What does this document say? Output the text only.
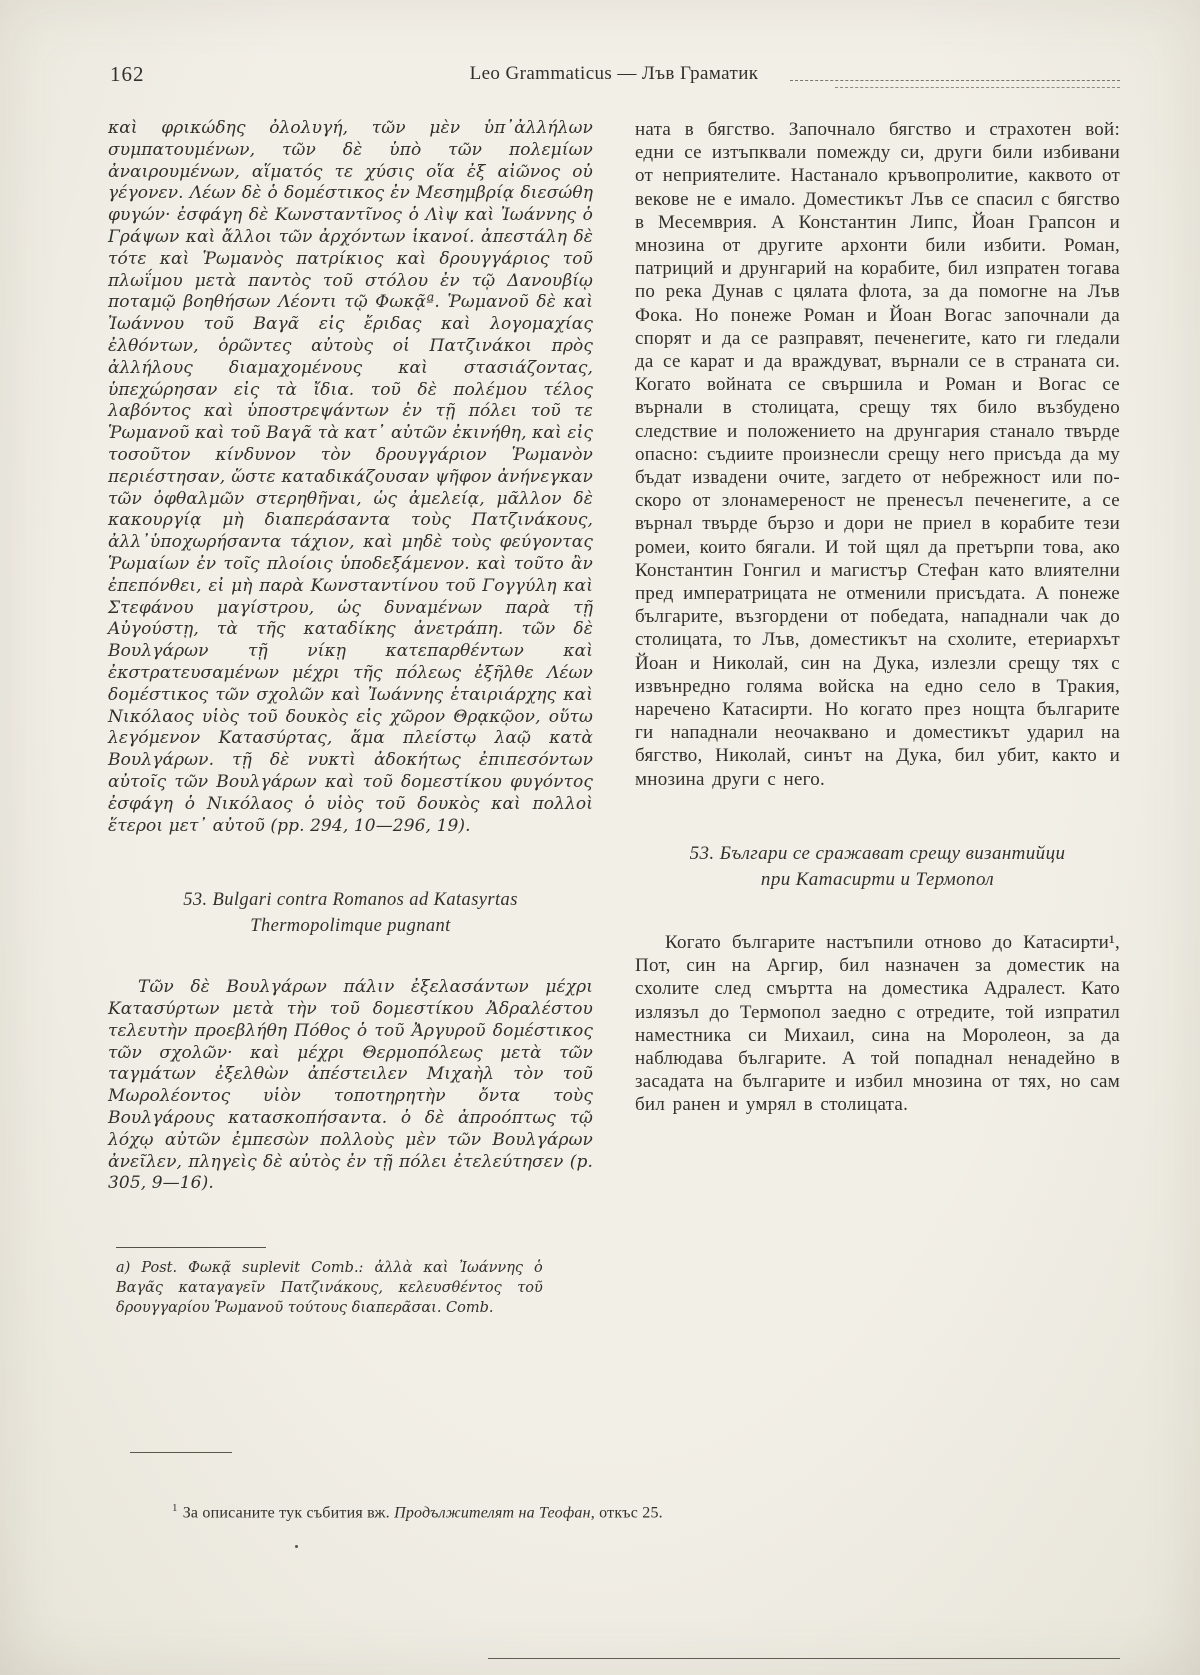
162	Leo Grammaticus — Лъв Граматик

καὶ φρικώδης ὀλολυγή, τῶν μὲν ὑπ᾽ἀλλήλων συμπατουμένων, τῶν δὲ ὑπὸ τῶν πολεμίων ἀναιρουμένων, αἵματός τε χύσις οἵα ἐξ αἰῶνος οὐ γέγονεν. Λέων δὲ ὁ δομέστικος ἐν Μεσημβρίᾳ διεσώθη φυγών· ἐσφάγη δὲ Κωνσταντῖνος ὁ Λὶψ καὶ Ἰωάννης ὁ Γράψων καὶ ἄλλοι τῶν ἀρχόντων ἱκανοί. ἀπεστάλη δὲ τότε καὶ Ῥωμανὸς πατρίκιος καὶ δρουγγάριος τοῦ πλωΐμου μετὰ παντὸς τοῦ στόλου ἐν τῷ Δανουβίῳ ποταμῷ βοηθήσων Λέοντι τῷ Φωκᾷª. Ῥωμανοῦ δὲ καὶ Ἰωάννου τοῦ Βαγᾶ εἰς ἔριδας καὶ λογομαχίας ἐλθόντων, ὁρῶντες αὐτοὺς οἱ Πατζινάκοι πρὸς ἀλλήλους διαμαχομένους καὶ στασιάζοντας, ὑπεχώρησαν εἰς τὰ ἴδια. τοῦ δὲ πολέμου τέλος λαβόντος καὶ ὑποστρεψάντων ἐν τῇ πόλει τοῦ τε Ῥωμανοῦ καὶ τοῦ Βαγᾶ τὰ κατ᾽ αὐτῶν ἐκινήθη, καὶ εἰς τοσοῦτον κίνδυνον τὸν δρουγγάριον Ῥωμανὸν περιέστησαν, ὥστε καταδικάζουσαν ψῆφον ἀνήνεγκαν τῶν ὀφθαλμῶν στερηθῆναι, ὡς ἀμελείᾳ, μᾶλλον δὲ κακουργίᾳ μὴ διαπεράσαντα τοὺς Πατζινάκους, ἀλλ᾽ὑποχωρήσαντα τάχιον, καὶ μηδὲ τοὺς φεύγοντας Ῥωμαίων ἐν τοῖς πλοίοις ὑποδεξάμενον. καὶ τοῦτο ἂν ἐπεπόνθει, εἰ μὴ παρὰ Κωνσταντίνου τοῦ Γογγύλη καὶ Στεφάνου μαγίστρου, ὡς δυναμένων παρὰ τῇ Αὐγούστῃ, τὰ τῆς καταδίκης ἀνετράπη. τῶν δὲ Βουλγάρων τῇ νίκῃ κατεπαρθέντων καὶ ἐκστρατευσαμένων μέχρι τῆς πόλεως ἐξῆλθε Λέων δομέστικος τῶν σχολῶν καὶ Ἰωάννης ἑταιριάρχης καὶ Νικόλαος υἱὸς τοῦ δουκὸς εἰς χῶρον Θρᾳκῷον, οὕτω λεγόμενον Κατασύρτας, ἅμα πλείστῳ λαῷ κατὰ Βουλγάρων. τῇ δὲ νυκτὶ ἀδοκήτως ἐπιπεσόντων αὐτοῖς τῶν Βουλγάρων καὶ τοῦ δομεστίκου φυγόντος ἐσφάγη ὁ Νικόλαος ὁ υἱὸς τοῦ δουκὸς καὶ πολλοὶ ἕτεροι μετ᾽ αὐτοῦ (pp. 294, 10—296, 19).

53. Bulgari contra Romanos ad Katasyrtas
Thermopolimque pugnant

Τῶν δὲ Βουλγάρων πάλιν ἐξελασάντων μέχρι Κατασύρτων μετὰ τὴν τοῦ δομεστίκου Ἀδραλέστου τελευτὴν προεβλήθη Πόθος ὁ τοῦ Ἀργυροῦ δομέστικος τῶν σχολῶν· καὶ μέχρι Θερμοπόλεως μετὰ τῶν ταγμάτων ἐξελθὼν ἀπέστειλεν Μιχαὴλ τὸν τοῦ Μωρολέοντος υἱὸν τοποτηρητὴν ὄντα τοὺς Βουλγάρους κατασκοπήσαντα. ὁ δὲ ἀπροόπτως τῷ λόχῳ αὐτῶν ἐμπεσὼν πολλοὺς μὲν τῶν Βουλγάρων ἀνεῖλεν, πληγεὶς δὲ αὐτὸς ἐν τῇ πόλει ἐτελεύτησεν (p. 305, 9—16).

a) Post. Φωκᾷ suplevit Comb.: ἀλλὰ καὶ Ἰωάννης ὁ Βαγᾶς καταγαγεῖν Πατζινάκους, κελευσθέντος τοῦ δρουγγαρίου Ῥωμανοῦ τούτους διαπερᾶσαι. Comb.

ната в бягство. Започнало бягство и страхотен вой: едни се изтъпквали помежду си, други били избивани от неприятелите. Настанало кръвопролитие, каквото от векове не е имало. Доместикът Лъв се спасил с бягство в Месемврия. А Константин Липс, Йоан Грапсон и мнозина от другите архонти били избити. Роман, патриций и друнгарий на корабите, бил изпратен тогава по река Дунав с цялата флота, за да помогне на Лъв Фока. Но понеже Роман и Йоан Вогас започнали да спорят и да се разправят, печенегите, като ги гледали да се карат и да враждуват, върнали се в страната си. Когато войната се свършила и Роман и Вогас се върнали в столицата, срещу тях било възбудено следствие и положението на друнгария станало твърде опасно: съдиите произнесли срещу него присъда да му бъдат извадени очите, загдето от небрежност или по-скоро от злонамереност не пренесъл печенегите, а се върнал твърде бързо и дори не приел в корабите тези ромеи, които бягали. И той щял да претърпи това, ако Константин Гонгил и магистър Стефан като влиятелни пред императрицата не отменили присъдата. А понеже българите, възгордени от победата, нападнали чак до столицата, то Лъв, доместикът на схолите, етериархът Йоан и Николай, син на Дука, излезли срещу тях с извънредно голяма войска на едно село в Тракия, наречено Катасирти. Но когато през нощта българите ги нападнали неочаквано и доместикът ударил на бягство, Николай, синът на Дука, бил убит, както и мнозина други с него.

53. Българи се сражават срещу византийци
при Катасирти и Термопол

Когато българите настъпили отново до Катасирти¹, Пот, син на Аргир, бил назначен за доместик на схолите след смъртта на доместика Адралест. Като излязъл до Термопол заедно с отредите, той изпратил наместника си Михаил, сина на Моролеон, за да наблюдава българите. А той попаднал ненадейно в засадата на българите и избил мнозина от тях, но сам бил ранен и умрял в столицата.

$^1$ За описаните тук събития вж. Продължителят на Теофан, откъс 25.
